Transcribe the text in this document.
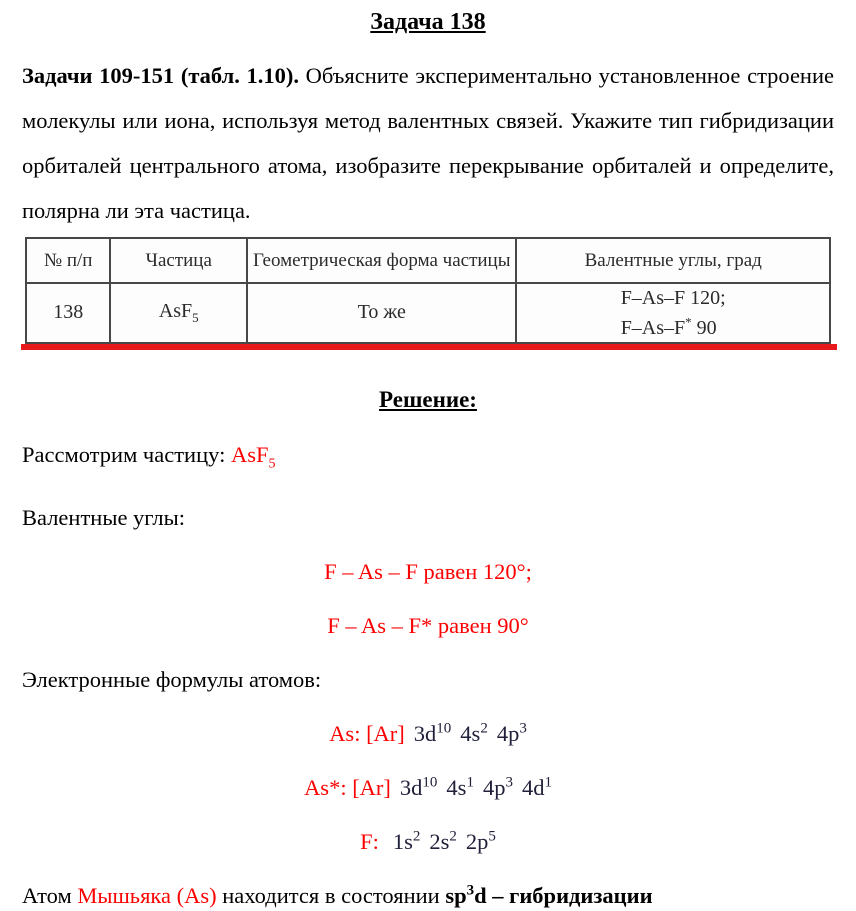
Задача 138

Задачи 109-151 (табл. 1.10). Объясните экспериментально установленное строение молекулы или иона, используя метод валентных связей. Укажите тип гибридизации орбиталей центрального атома, изобразите перекрывание орбиталей и определите, полярна ли эта частица.

№ п/п	Частица	Геометрическая форма частицы	Валентные углы, град
138	AsF$_5$	То же	F–As–F 120;
F–As–F* 90
Решение:

Рассмотрим частицу: AsF$_5$

Валентные углы:

F – As – F равен 120°;

F – As – F* равен 90°

Электронные формулы атомов:

As: [Ar] $3d^{10}$ $4s^2$ $4p^3$

As*: [Ar] $3d^{10}$ $4s^1$ $4p^3$ $4d^1$

F: $1s^2$ $2s^2$ $2p^5$

Атом Мышьяка (As) находится в состоянии $sp^3d$ – гибридизации
